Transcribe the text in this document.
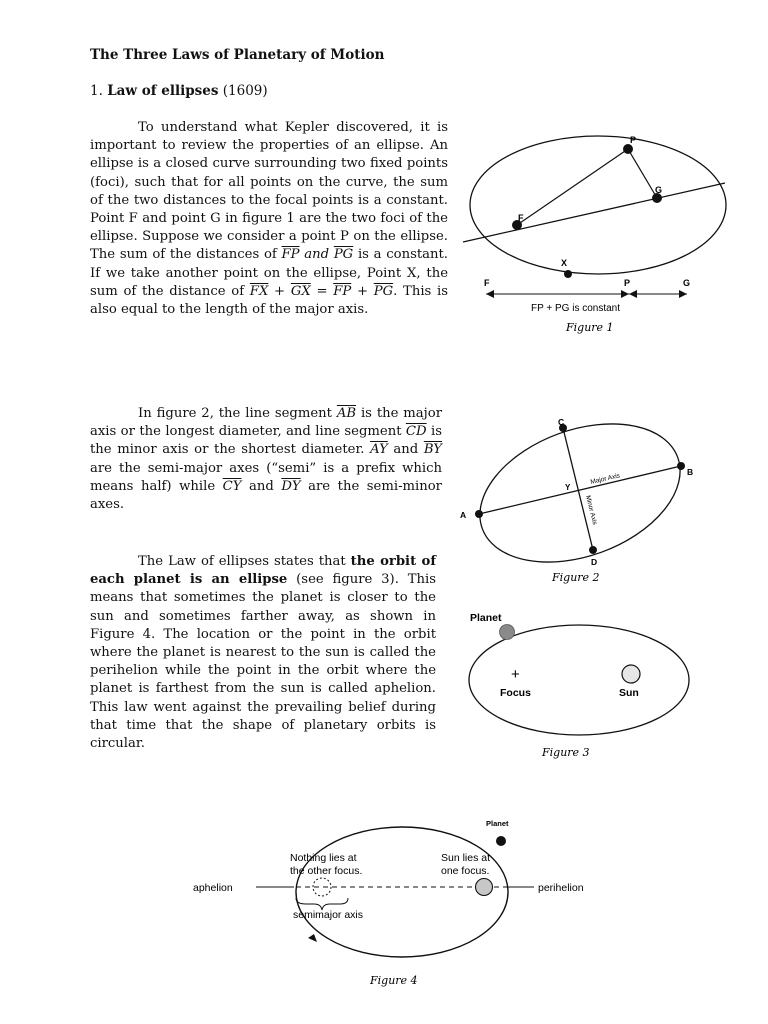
The Three Laws of Planetary of Motion
1. Law of ellipses (1609)

To understand what Kepler discovered, it is important to review the properties of an ellipse. An ellipse is a closed curve surrounding two fixed points (foci), such that for all points on the curve, the sum of the two distances to the focal points is a constant. Point F and point G in figure 1 are the two foci of the ellipse. Suppose we consider a point P on the ellipse. The sum of the distances of $\overline{FP}$ and $\overline{PG}$ is a constant. If we take another point on the ellipse, Point X, the sum of the distance of $\overline{FX} + \overline{GX} = \overline{FP} + \overline{PG}$. This is also equal to the length of the major axis.

In figure 2, the line segment $\overline{AB}$ is the major axis or the longest diameter, and line segment $\overline{CD}$ is the minor axis or the shortest diameter. $\overline{AY}$ and $\overline{BY}$ are the semi-major axes (“semi” is a prefix which means half) while $\overline{CY}$ and $\overline{DY}$ are the semi-minor axes.

The Law of ellipses states that the orbit of each planet is an ellipse (see figure 3). This means that sometimes the planet is closer to the sun and sometimes farther away, as shown in Figure 4. The location or the point in the orbit where the planet is nearest to the sun is called the perihelion while the point in the orbit where the planet is farthest from the sun is called aphelion. This law went against the prevailing belief during that time that the shape of planetary orbits is circular.

P
G
F
X
F	P	G
FP + PG is constant
Figure 1
A
B
C
D
Y
Major Axis
Minor Axis
Figure 2
Planet
+
Focus	Sun
Figure 3
Planet
aphelion	perihelion
Nothing lies at
the other focus.
Sun lies at
one focus.
semimajor axis
Figure 4
